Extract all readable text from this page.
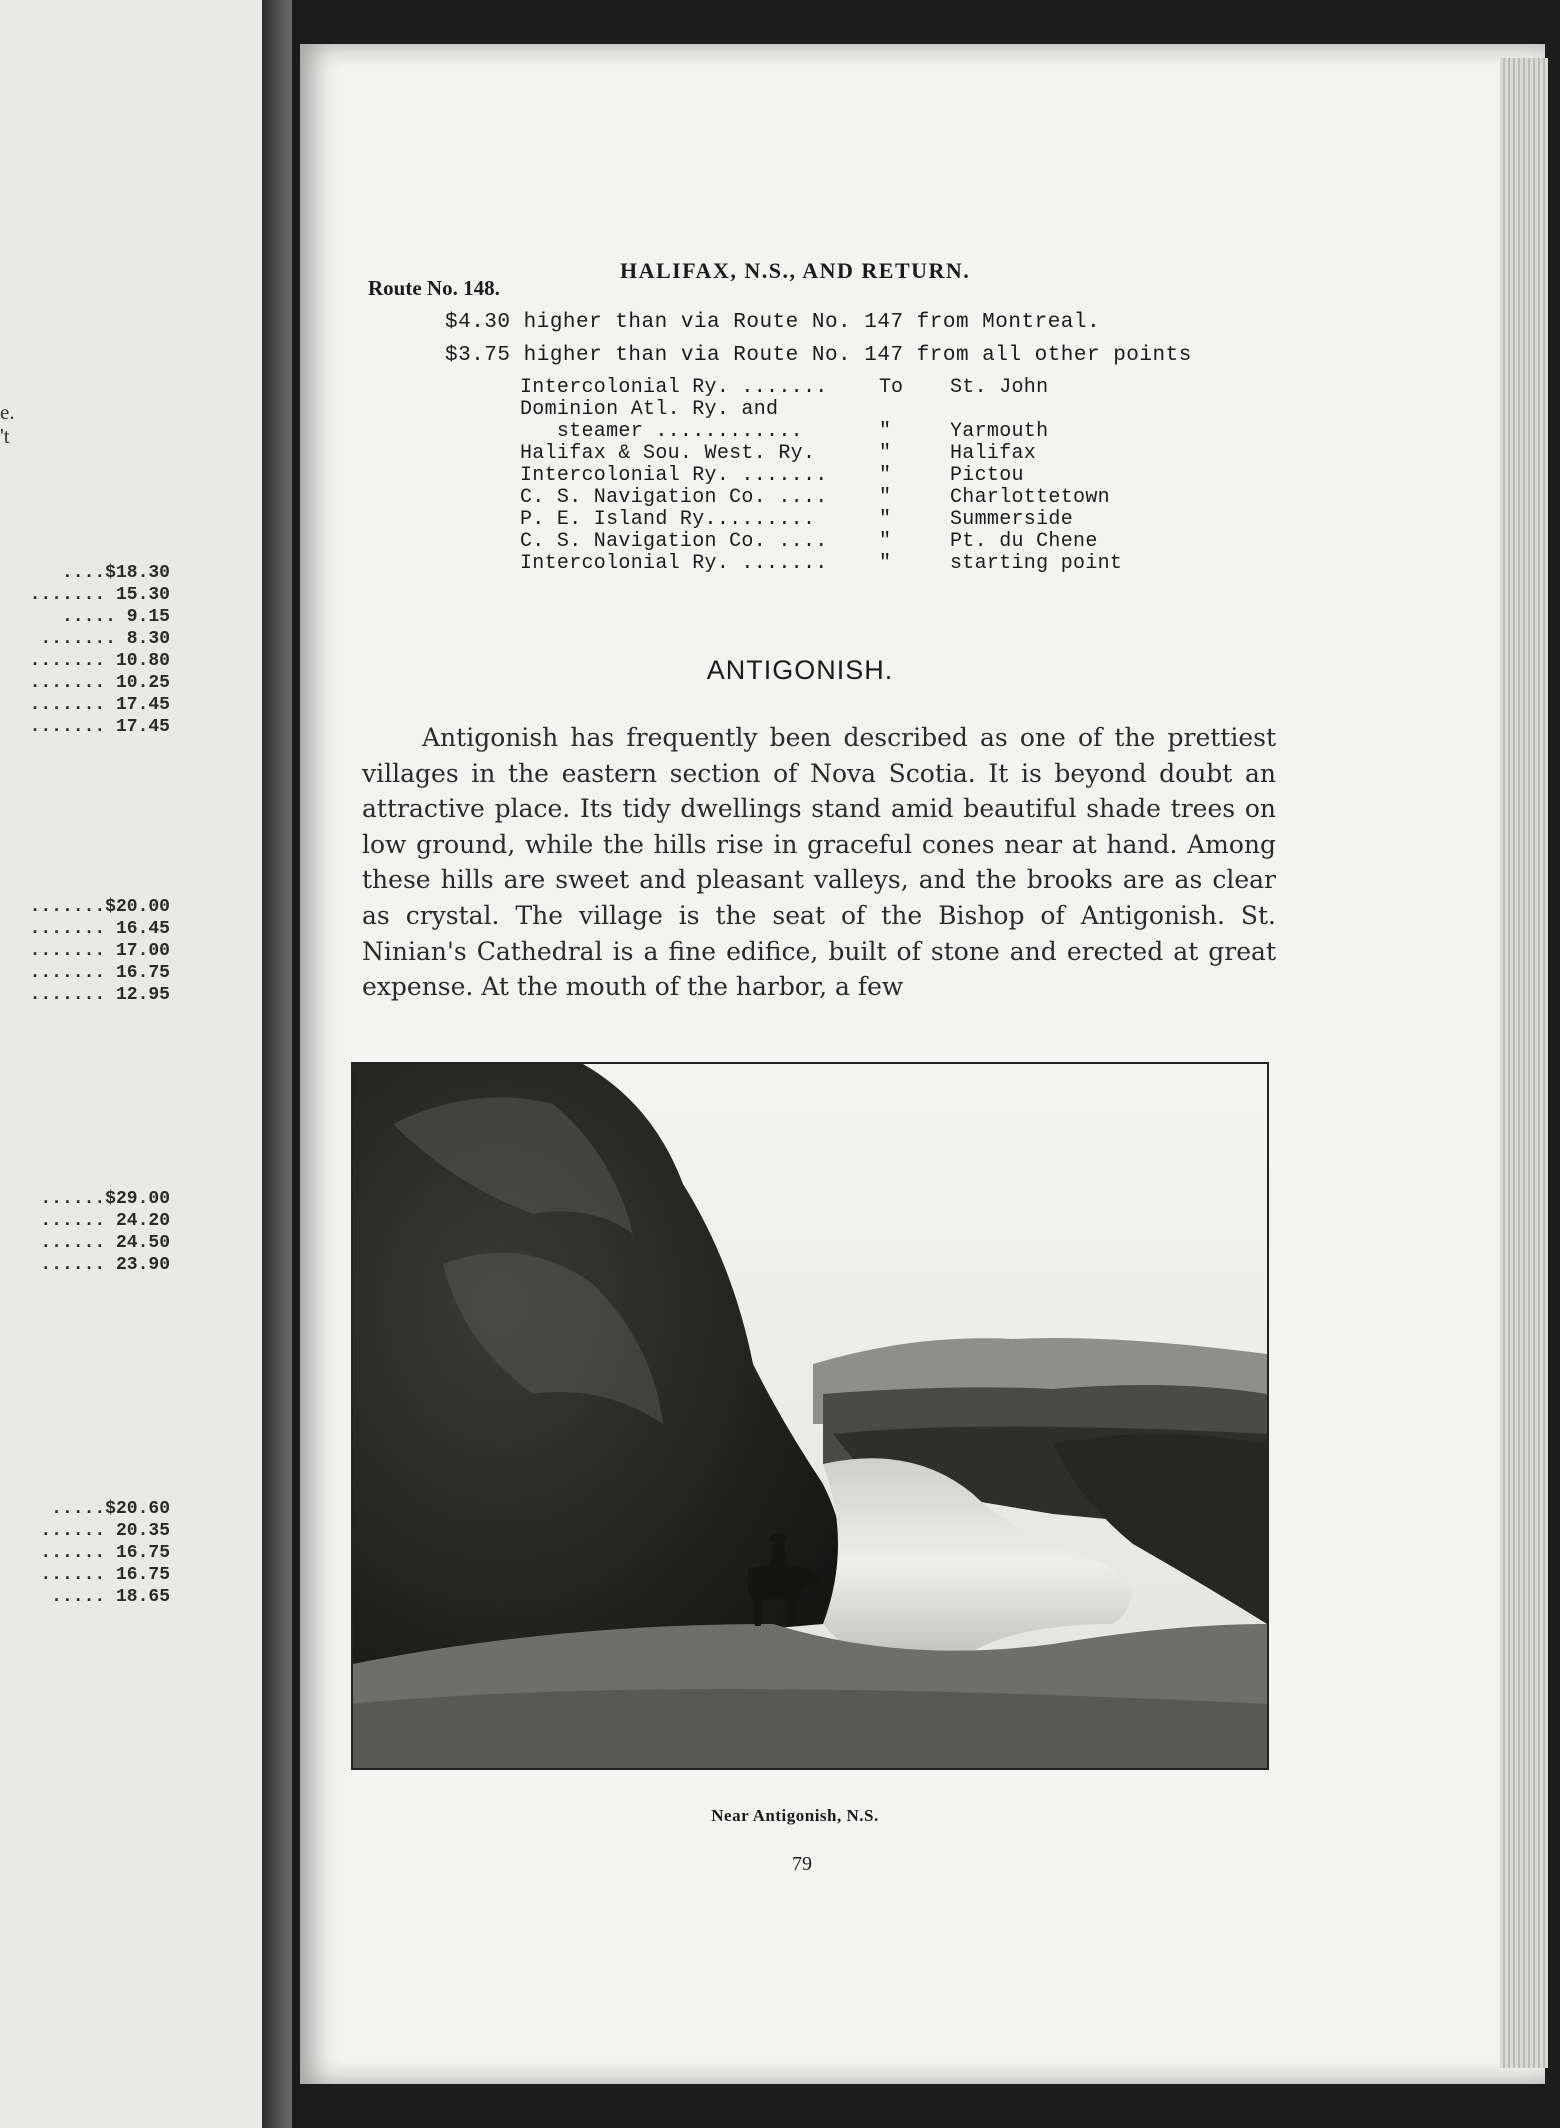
e.
't
....$18.30
....... 15.30
..... 9.15
....... 8.30
....... 10.80
....... 10.25
....... 17.45
....... 17.45
.......$20.00
....... 16.45
....... 17.00
....... 16.75
....... 12.95
......$29.00
...... 24.20
...... 24.50
...... 23.90
.....$20.60
...... 20.35
...... 16.75
...... 16.75
..... 18.65
HALIFAX, N.S., AND RETURN.
Route No. 148.
$4.30 higher than via Route No. 147 from Montreal.
$3.75 higher than via Route No. 147 from all other points
Intercolonial Ry. .......	To St. John
Dominion Atl. Ry. and
steamer ............	"	Yarmouth
Halifax & Sou. West. Ry.	"	Halifax
Intercolonial Ry. .......	"	Pictou
C. S. Navigation Co. ....	"	Charlottetown
P. E. Island Ry.........	"	Summerside
C. S. Navigation Co. ....	"	Pt. du Chene
Intercolonial Ry. .......	"	starting point
ANTIGONISH.
Antigonish has frequently been described as one of the prettiest villages in the eastern section of Nova Scotia. It is beyond doubt an attractive place. Its tidy dwellings stand amid beautiful shade trees on low ground, while the hills rise in graceful cones near at hand. Among these hills are sweet and pleasant valleys, and the brooks are as clear as crystal. The village is the seat of the Bishop of Antigonish. St. Ninian's Cathedral is a fine edifice, built of stone and erected at great expense. At the mouth of the harbor, a few
Near Antigonish, N.S.
79
